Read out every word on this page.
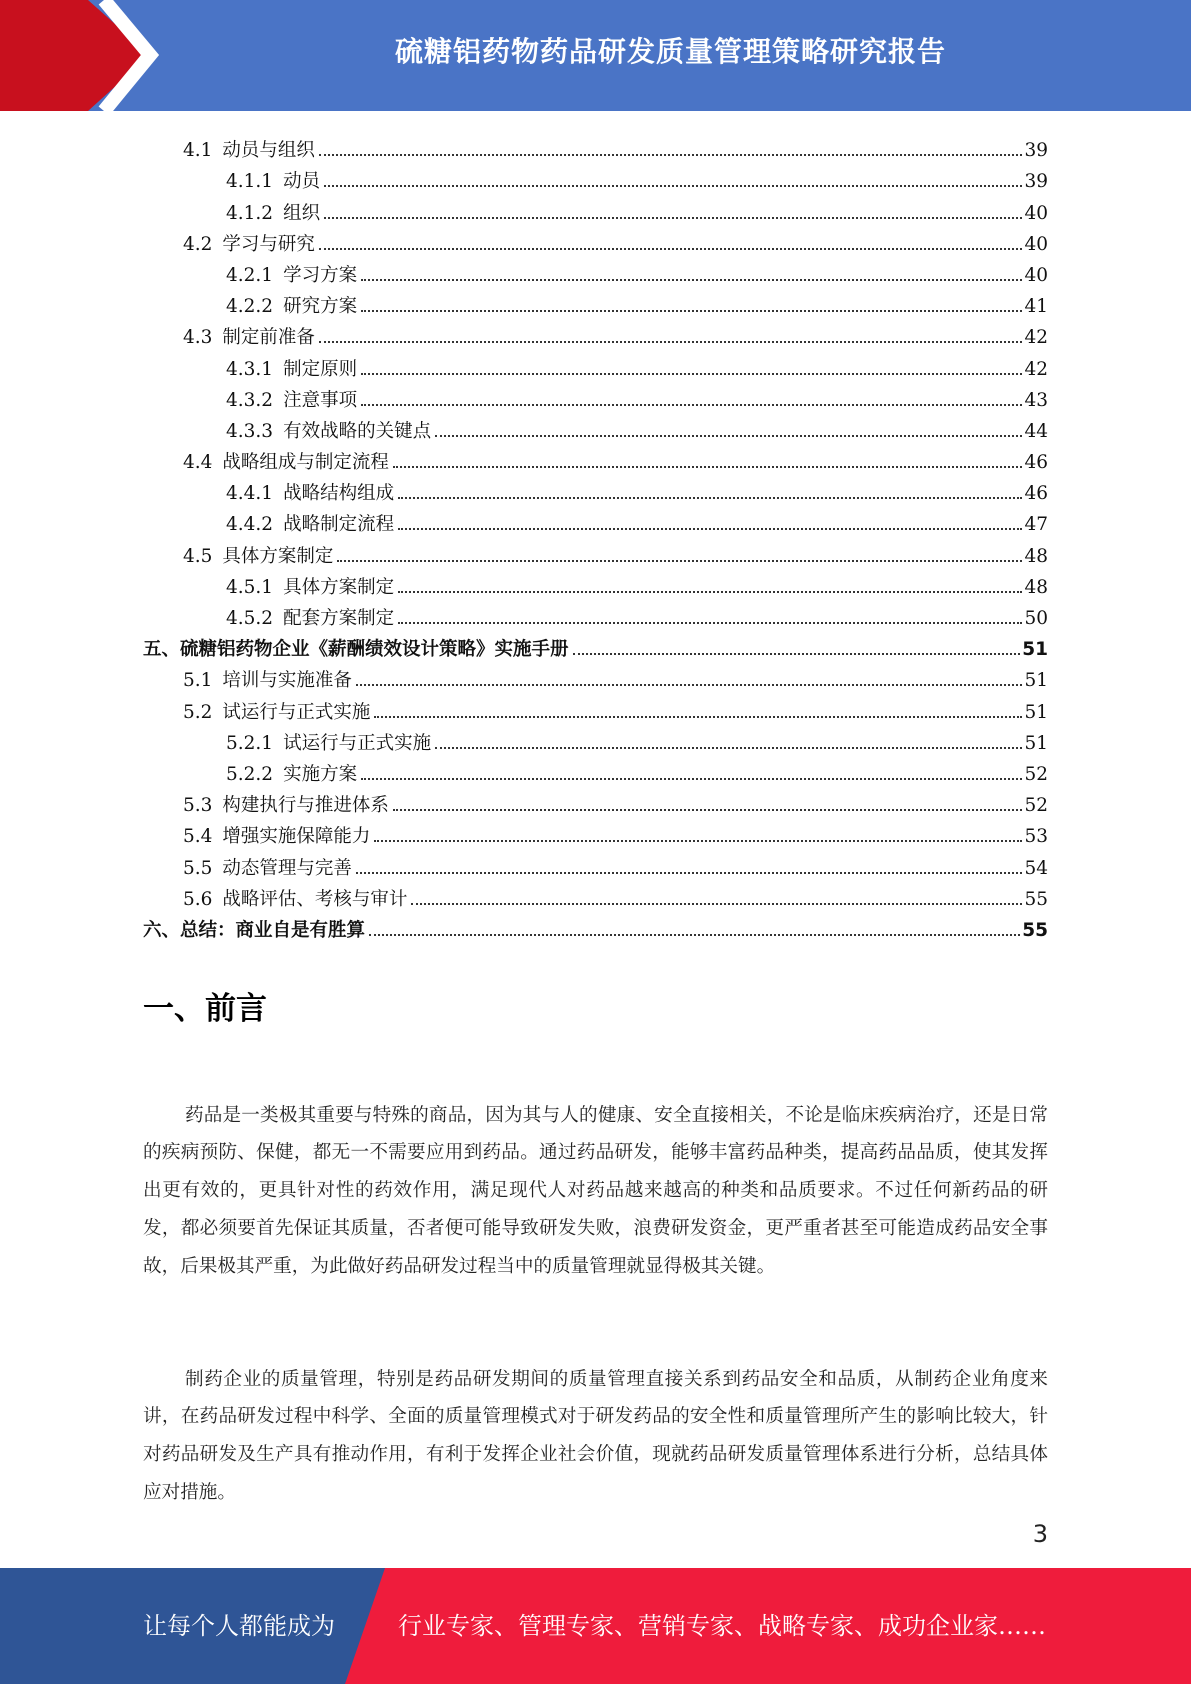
硫糖铝药物药品研发质量管理策略研究报告
4.1 动员与组织	39
4.1.1 动员	39
4.1.2 组织	40
4.2 学习与研究	40
4.2.1 学习方案	40
4.2.2 研究方案	41
4.3 制定前准备	42
4.3.1 制定原则	42
4.3.2 注意事项	43
4.3.3 有效战略的关键点	44
4.4 战略组成与制定流程	46
4.4.1 战略结构组成	46
4.4.2 战略制定流程	47
4.5 具体方案制定	48
4.5.1 具体方案制定	48
4.5.2 配套方案制定	50
五、硫糖铝药物企业《薪酬绩效设计策略》实施手册	51
5.1 培训与实施准备	51
5.2 试运行与正式实施	51
5.2.1 试运行与正式实施	51
5.2.2 实施方案	52
5.3 构建执行与推进体系	52
5.4 增强实施保障能力	53
5.5 动态管理与完善	54
5.6 战略评估、考核与审计	55
六、总结：商业自是有胜算	55
一、前言

药品是一类极其重要与特殊的商品，因为其与人的健康、安全直接相关，不论是临床疾病治疗，还是日常的疾病预防、保健，都无一不需要应用到药品。通过药品研发，能够丰富药品种类，提高药品品质，使其发挥出更有效的，更具针对性的药效作用，满足现代人对药品越来越高的种类和品质要求。不过任何新药品的研发，都必须要首先保证其质量，否者便可能导致研发失败，浪费研发资金，更严重者甚至可能造成药品安全事故，后果极其严重，为此做好药品研发过程当中的质量管理就显得极其关键。

制药企业的质量管理，特别是药品研发期间的质量管理直接关系到药品安全和品质，从制药企业角度来讲，在药品研发过程中科学、全面的质量管理模式对于研发药品的安全性和质量管理所产生的影响比较大，针对药品研发及生产具有推动作用，有利于发挥企业社会价值，现就药品研发质量管理体系进行分析，总结具体应对措施。

3
让每个人都能成为	行业专家、管理专家、营销专家、战略专家、成功企业家……
